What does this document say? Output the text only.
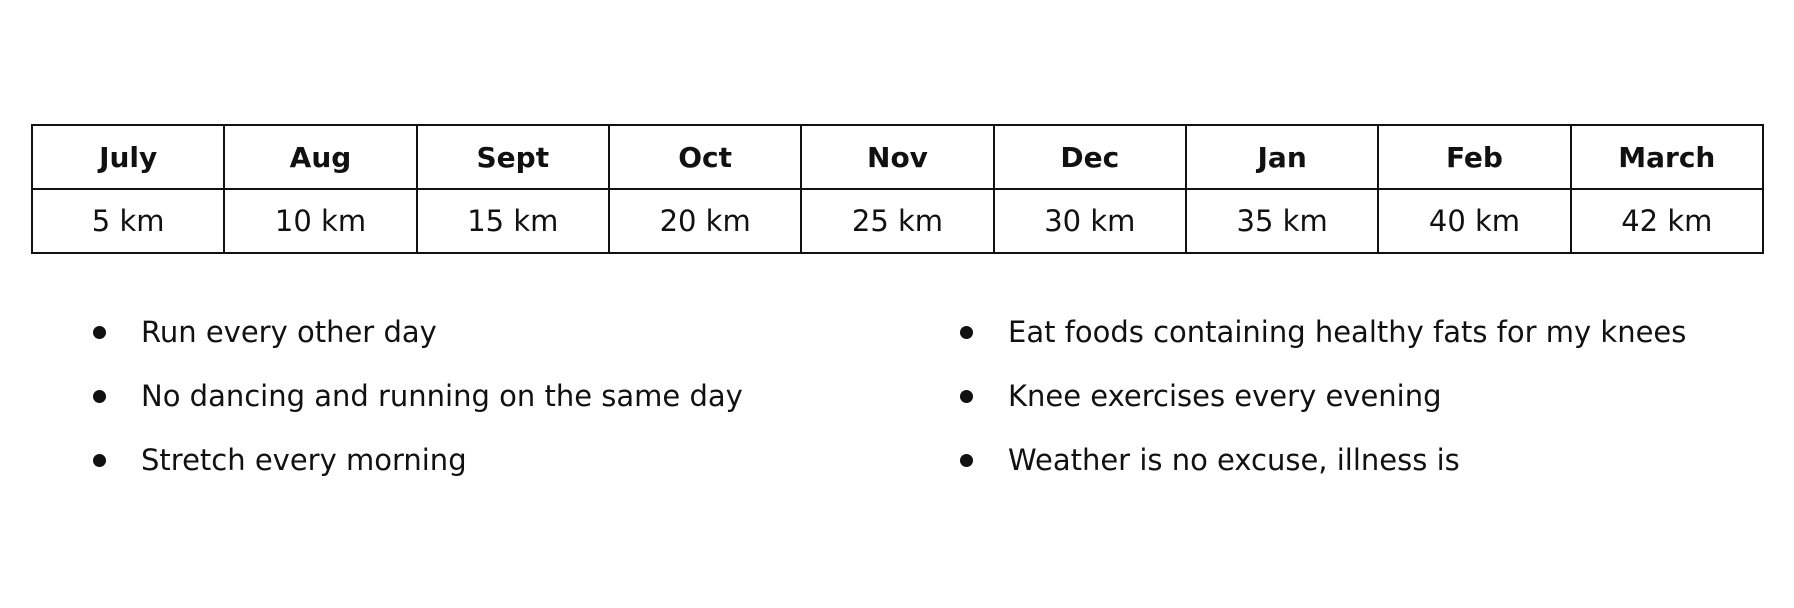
July	Aug	Sept	Oct	Nov	Dec	Jan	Feb	March
5 km	10 km	15 km	20 km	25 km	30 km	35 km	40 km	42 km
Run every other day
No dancing and running on the same day
Stretch every morning
Eat foods containing healthy fats for my knees
Knee exercises every evening
Weather is no excuse, illness is
